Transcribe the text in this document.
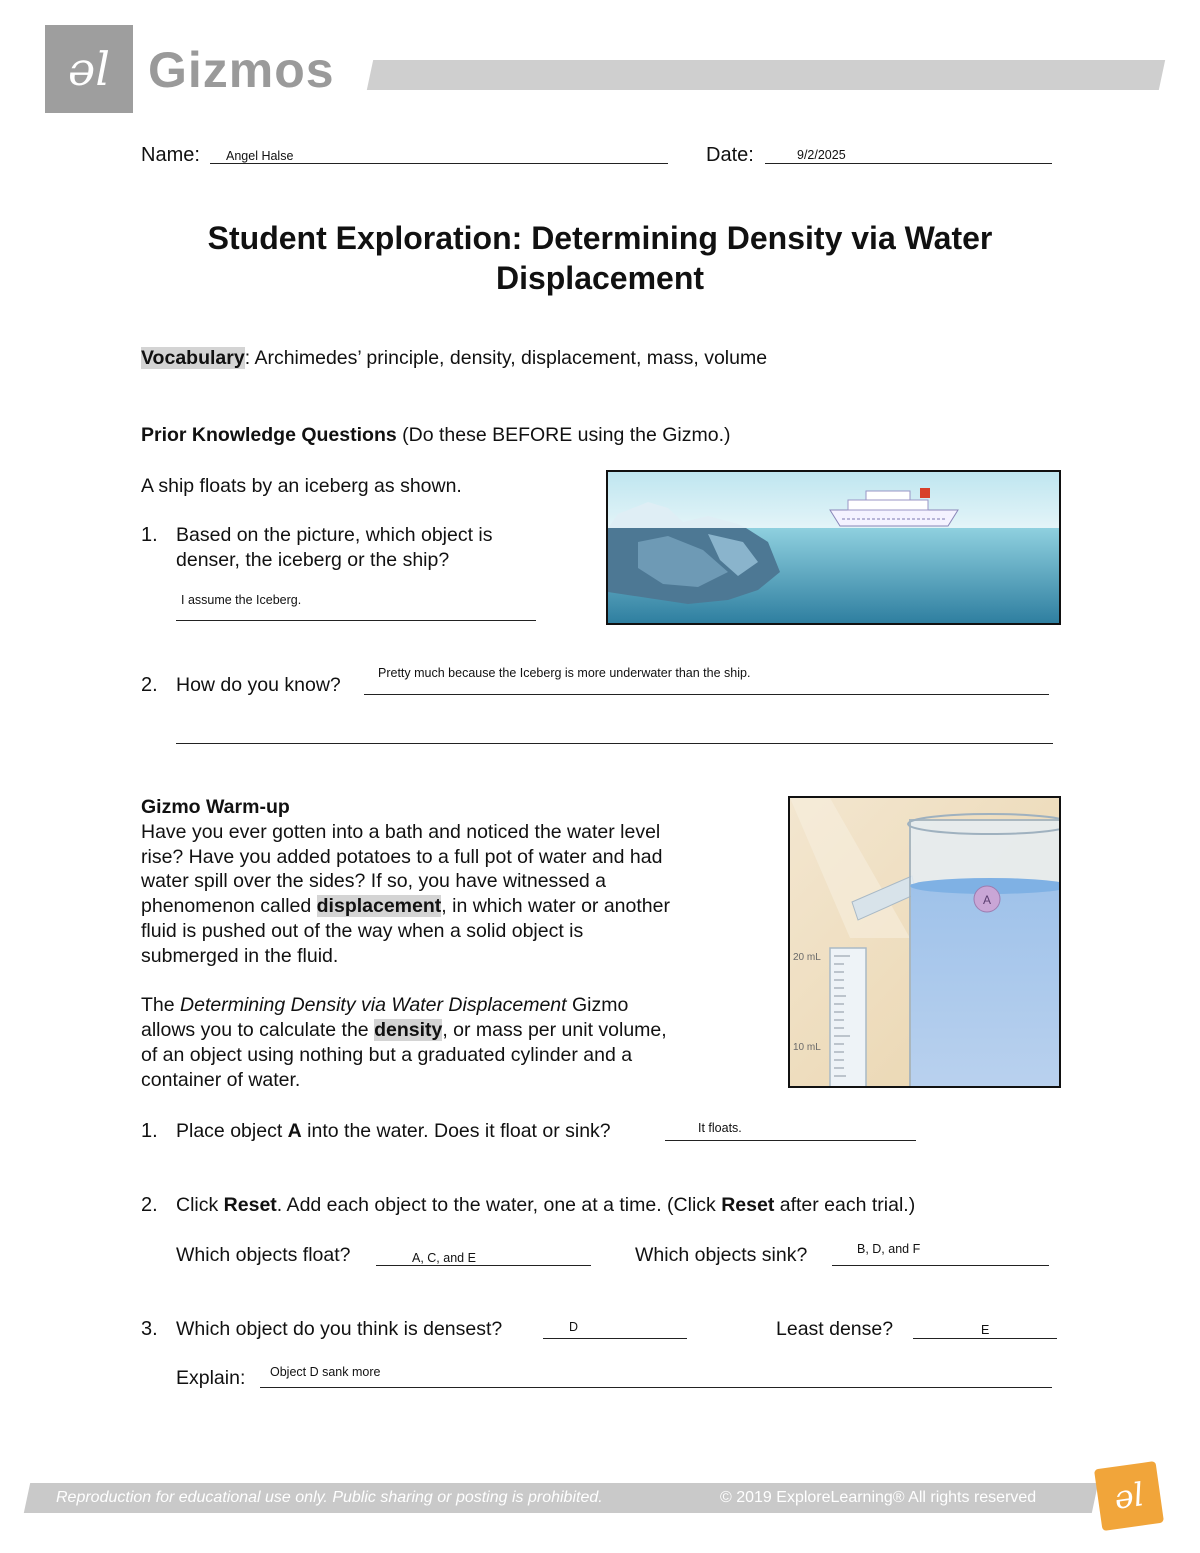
ǝl Gizmos
Name: Angel Halse	Date:	9/2/2025
Student Exploration: Determining Density via Water
Displacement
Vocabulary: Archimedes’ principle, density, displacement, mass, volume
Prior Knowledge Questions (Do these BEFORE using the Gizmo.)
A ship floats by an iceberg as shown.
1. Based on the picture, which object is
denser, the iceberg or the ship?
I assume the Iceberg.
2. How do you know?
Pretty much because the Iceberg is more underwater than the ship.
Gizmo Warm-up
Have you ever gotten into a bath and noticed the water level
rise? Have you added potatoes to a full pot of water and had
water spill over the sides? If so, you have witnessed a
phenomenon called displacement, in which water or another
fluid is pushed out of the way when a solid object is
submerged in the fluid.
The Determining Density via Water Displacement Gizmo
allows you to calculate the density, or mass per unit volume,
of an object using nothing but a graduated cylinder and a
container of water.
A
20 mL
10 mL
1. Place object A into the water. Does it float or sink?	It floats.
2. Click Reset. Add each object to the water, one at a time. (Click Reset after each trial.)
Which objects float?	A, C, and E	Which objects sink?	B, D, and F
3. Which object do you think is densest?	D	Least dense?	E
Explain: Object D sank more
Reproduction for educational use only. Public sharing or posting is prohibited.	© 2019 ExploreLearning® All rights reserved	ǝl
